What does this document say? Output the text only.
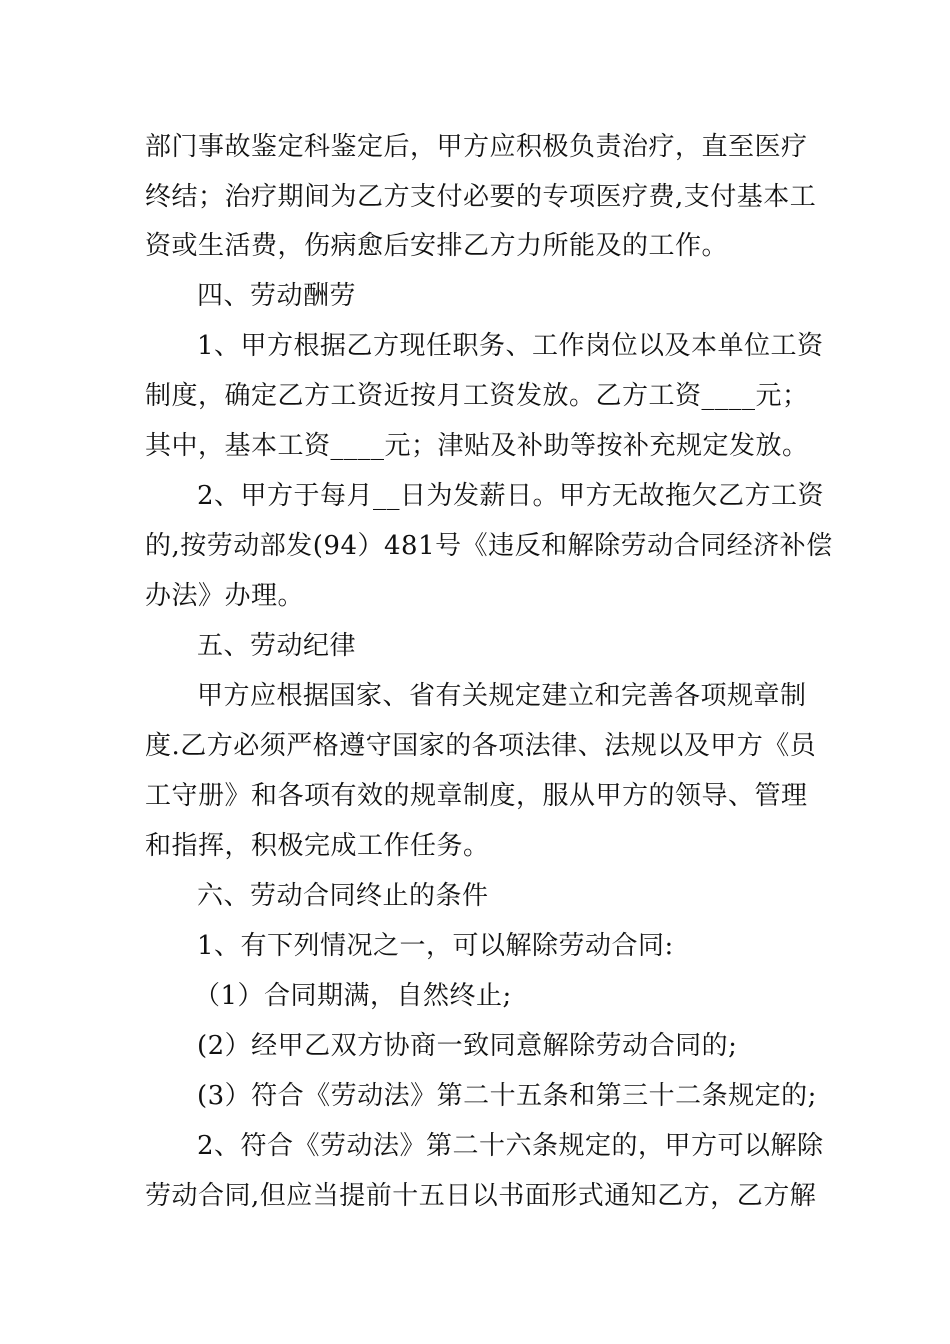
部门事故鉴定科鉴定后，甲方应积极负责治疗，直至医疗
终结；治疗期间为乙方支付必要的专项医疗费,支付基本工
资或生活费，伤病愈后安排乙方力所能及的工作。
四、劳动酬劳
1、甲方根据乙方现任职务、工作岗位以及本单位工资
制度，确定乙方工资近按月工资发放。乙方工资____元；
其中，基本工资____元；津贴及补助等按补充规定发放。
2、甲方于每月__日为发薪日。甲方无故拖欠乙方工资
的,按劳动部发(94）481号《违反和解除劳动合同经济补偿
办法》办理。
五、劳动纪律
甲方应根据国家、省有关规定建立和完善各项规章制
度.乙方必须严格遵守国家的各项法律、法规以及甲方《员
工守册》和各项有效的规章制度，服从甲方的领导、管理
和指挥，积极完成工作任务。
六、劳动合同终止的条件
1、有下列情况之一，可以解除劳动合同:
（1）合同期满，自然终止;
(2）经甲乙双方协商一致同意解除劳动合同的;
(3）符合《劳动法》第二十五条和第三十二条规定的;
2、符合《劳动法》第二十六条规定的，甲方可以解除
劳动合同,但应当提前十五日以书面形式通知乙方，乙方解
